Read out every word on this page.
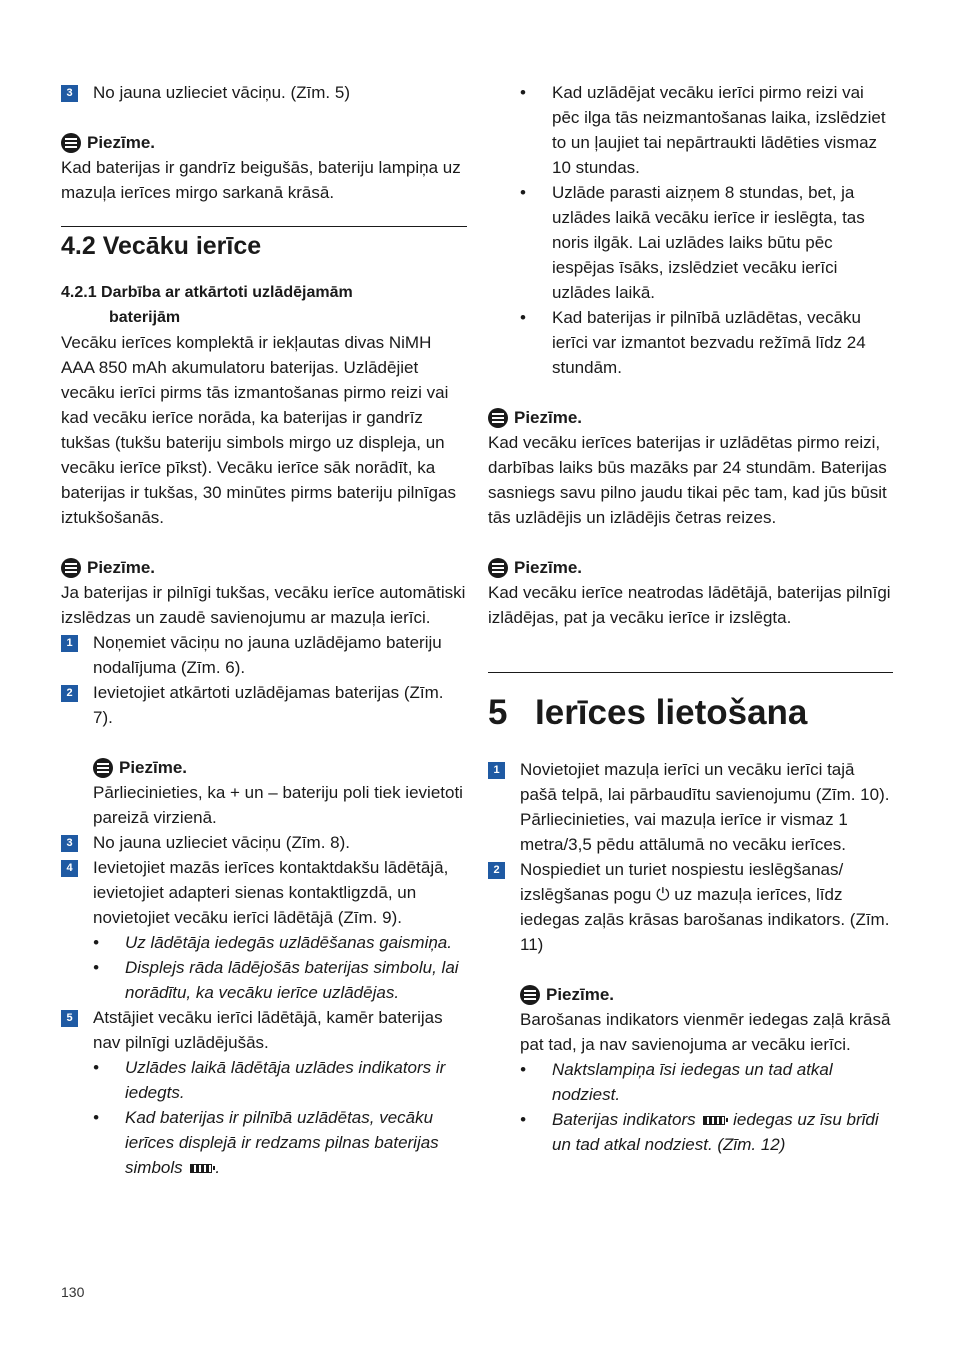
3	No jauna uzlieciet vāciņu. (Zīm. 5)

Piezīme.

Kad baterijas ir gandrīz beigušās, bateriju lampiņa uz mazuļa ierīces mirgo sarkanā krāsā.

4.2 Vecāku ierīce
4.2.1 Darbība ar atkārtoti uzlādējamām
baterijām

Vecāku ierīces komplektā ir iekļautas divas NiMH AAA 850 mAh akumulatoru baterijas. Uzlādējiet vecāku ierīci pirms tās izmantošanas pirmo reizi vai kad vecāku ierīce norāda, ka baterijas ir gandrīz tukšas (tukšu bateriju simbols mirgo uz displeja, un vecāku ierīce pīkst). Vecāku ierīce sāk norādīt, ka baterijas ir tukšas, 30 minūtes pirms bateriju pilnīgas iztukšošanās.

Piezīme.

Ja baterijas ir pilnīgi tukšas, vecāku ierīce automātiski izslēdzas un zaudē savienojumu ar mazuļa ierīci.

1	Noņemiet vāciņu no jauna uzlādējamo bateriju nodalījuma (Zīm. 6).

2	Ievietojiet atkārtoti uzlādējamas baterijas (Zīm. 7).

Piezīme.

Pārliecinieties, ka + un – bateriju poli tiek ievietoti pareizā virzienā.

3	No jauna uzlieciet vāciņu (Zīm. 8).

4	Ievietojiet mazās ierīces kontaktdakšu lādētājā, ievietojiet adapteri sienas kontaktligzdā, un novietojiet vecāku ierīci lādētājā (Zīm. 9).

• Uz lādētāja iedegās uzlādēšanas gaismiņa.
• Displejs rāda lādējošās baterijas simbolu, lai norādītu, ka vecāku ierīce uzlādējas.
5	Atstājiet vecāku ierīci lādētājā, kamēr baterijas nav pilnīgi uzlādējušās.

• Uzlādes laikā lādētāja uzlādes indikators ir iedegts.
• Kad baterijas ir pilnībā uzlādētas, vecāku ierīces displejā ir redzams pilnas baterijas simbols .
• Kad uzlādējat vecāku ierīci pirmo reizi vai pēc ilga tās neizmantošanas laika, izslēdziet to un ļaujiet tai nepārtraukti lādēties vismaz 10 stundas.
• Uzlāde parasti aizņem 8 stundas, bet, ja uzlādes laikā vecāku ierīce ir ieslēgta, tas noris ilgāk. Lai uzlādes laiks būtu pēc iespējas īsāks, izslēdziet vecāku ierīci uzlādes laikā.
• Kad baterijas ir pilnībā uzlādētas, vecāku ierīci var izmantot bezvadu režīmā līdz 24 stundām.
Piezīme.

Kad vecāku ierīces baterijas ir uzlādētas pirmo reizi, darbības laiks būs mazāks par 24 stundām. Baterijas sasniegs savu pilno jaudu tikai pēc tam, kad jūs būsit tās uzlādējis un izlādējis četras reizes.

Piezīme.

Kad vecāku ierīce neatrodas lādētājā, baterijas pilnīgi izlādējas, pat ja vecāku ierīce ir izslēgta.

5 Ierīces lietošana
1	Novietojiet mazuļa ierīci un vecāku ierīci tajā pašā telpā, lai pārbaudītu savienojumu (Zīm. 10).

Pārliecinieties, vai mazuļa ierīce ir vismaz 1 metra/3,5 pēdu attālumā no vecāku ierīces.

2	Nospiediet un turiet nospiestu ieslēgšanas/ izslēgšanas pogu ⏻ uz mazuļa ierīces, līdz iedegas zaļās krāsas barošanas indikators. (Zīm. 11)

Piezīme.

Barošanas indikators vienmēr iedegas zaļā krāsā pat tad, ja nav savienojuma ar vecāku ierīci.

• Naktslampiņa īsi iedegas un tad atkal nodziest.
• Baterijas indikators iedegas uz īsu brīdi un tad atkal nodziest. (Zīm. 12)
130
